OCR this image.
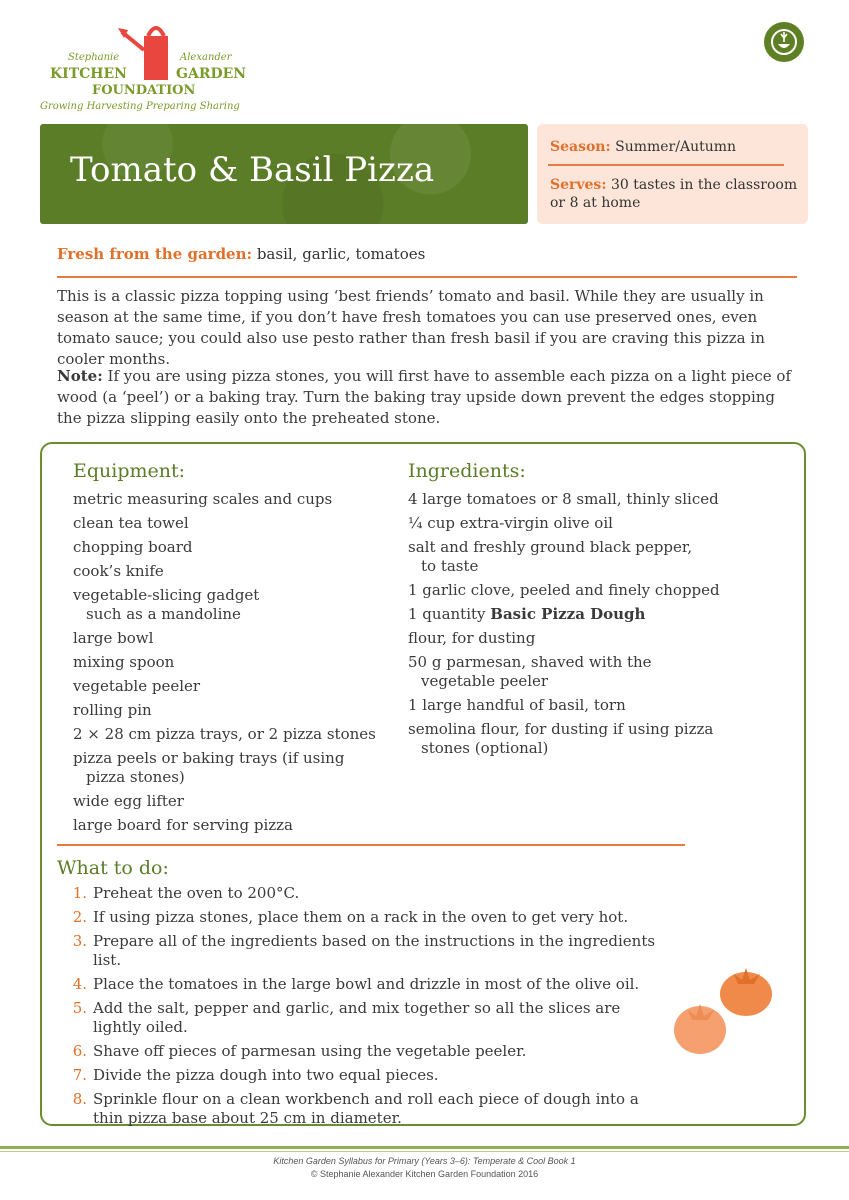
Stephanie	Alexander
KITCHEN	GARDEN
FOUNDATION
Growing Harvesting Preparing Sharing
Tomato & Basil Pizza
Season: Summer/Autumn
Serves: 30 tastes in the classroom or 8 at home
Fresh from the garden: basil, garlic, tomatoes
This is a classic pizza topping using ‘best friends’ tomato and basil. While they are usually in season at the same time, if you don’t have fresh tomatoes you can use preserved ones, even tomato sauce; you could also use pesto rather than fresh basil if you are craving this pizza in cooler months.
Note: If you are using pizza stones, you will first have to assemble each pizza on a light piece of wood (a ‘peel’) or a baking tray. Turn the baking tray upside down prevent the edges stopping the pizza slipping easily onto the preheated stone.
Equipment:
metric measuring scales and cups
clean tea towel
chopping board
cook’s knife
vegetable-slicing gadget
such as a mandoline
large bowl
mixing spoon
vegetable peeler
rolling pin
2 × 28 cm pizza trays, or 2 pizza stones
pizza peels or baking trays (if using
pizza stones)
wide egg lifter
large board for serving pizza
Ingredients:
4 large tomatoes or 8 small, thinly sliced
¼ cup extra-virgin olive oil
salt and freshly ground black pepper,
to taste
1 garlic clove, peeled and finely chopped
1 quantity Basic Pizza Dough
flour, for dusting
50 g parmesan, shaved with the
vegetable peeler
1 large handful of basil, torn
semolina flour, for dusting if using pizza
stones (optional)
What to do:
1. Preheat the oven to 200°C.
2. If using pizza stones, place them on a rack in the oven to get very hot.
3. Prepare all of the ingredients based on the instructions in the ingredients list.
4. Place the tomatoes in the large bowl and drizzle in most of the olive oil.
5. Add the salt, pepper and garlic, and mix together so all the slices are lightly oiled.
6. Shave off pieces of parmesan using the vegetable peeler.
7. Divide the pizza dough into two equal pieces.
8. Sprinkle flour on a clean workbench and roll each piece of dough into a thin pizza base about 25 cm in diameter.
Kitchen Garden Syllabus for Primary (Years 3–6): Temperate & Cool Book 1
© Stephanie Alexander Kitchen Garden Foundation 2016
